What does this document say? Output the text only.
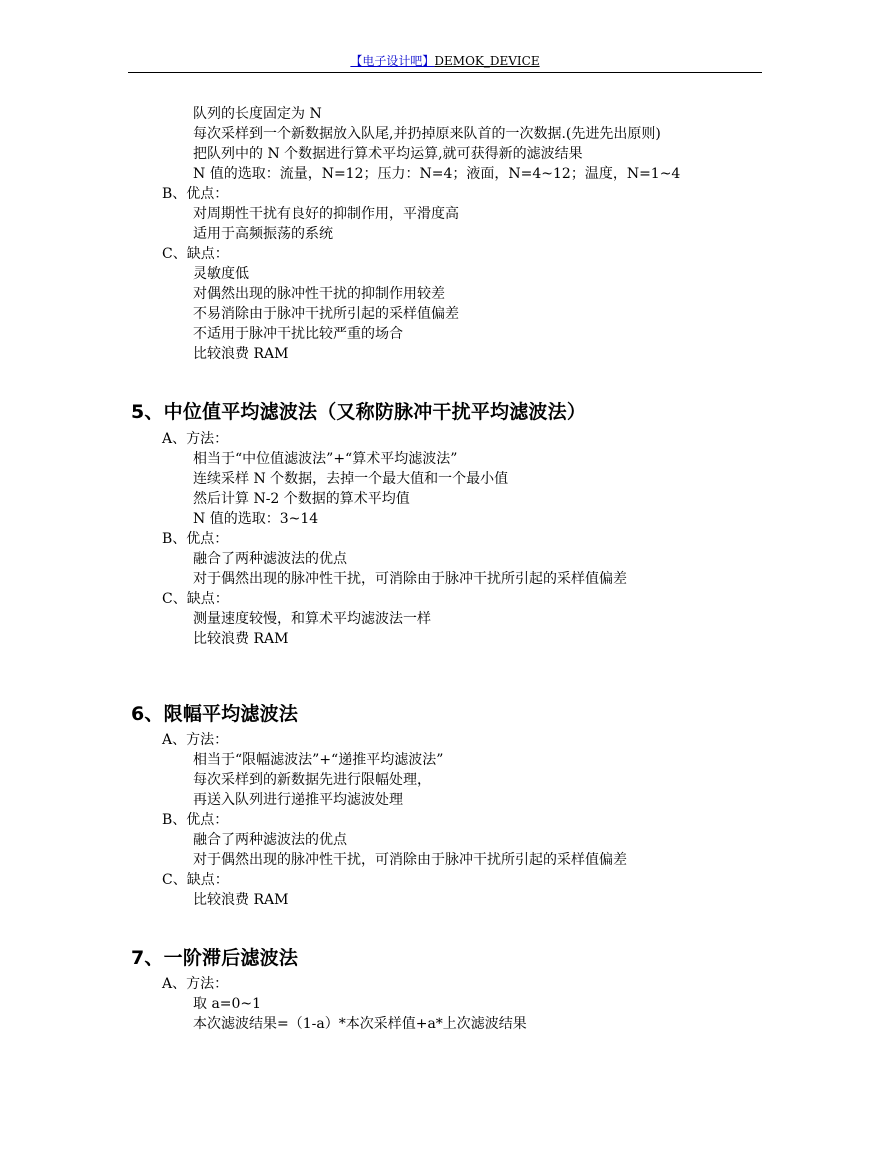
【电子设计吧】DEMOK_DEVICE
队列的长度固定为 N
每次采样到一个新数据放入队尾,并扔掉原来队首的一次数据.(先进先出原则)
把队列中的 N 个数据进行算术平均运算,就可获得新的滤波结果
N 值的选取：流量，N=12；压力：N=4；液面，N=4~12；温度，N=1~4
B、优点：
对周期性干扰有良好的抑制作用，平滑度高
适用于高频振荡的系统
C、缺点：
灵敏度低
对偶然出现的脉冲性干扰的抑制作用较差
不易消除由于脉冲干扰所引起的采样值偏差
不适用于脉冲干扰比较严重的场合
比较浪费 RAM
5、中位值平均滤波法（又称防脉冲干扰平均滤波法）
A、方法：
相当于“中位值滤波法”+“算术平均滤波法”
连续采样 N 个数据，去掉一个最大值和一个最小值
然后计算 N-2 个数据的算术平均值
N 值的选取：3~14
B、优点：
融合了两种滤波法的优点
对于偶然出现的脉冲性干扰，可消除由于脉冲干扰所引起的采样值偏差
C、缺点：
测量速度较慢，和算术平均滤波法一样
比较浪费 RAM
6、限幅平均滤波法
A、方法：
相当于“限幅滤波法”+“递推平均滤波法”
每次采样到的新数据先进行限幅处理，
再送入队列进行递推平均滤波处理
B、优点：
融合了两种滤波法的优点
对于偶然出现的脉冲性干扰，可消除由于脉冲干扰所引起的采样值偏差
C、缺点：
比较浪费 RAM
7、一阶滞后滤波法
A、方法：
取 a=0~1
本次滤波结果=（1-a）*本次采样值+a*上次滤波结果
